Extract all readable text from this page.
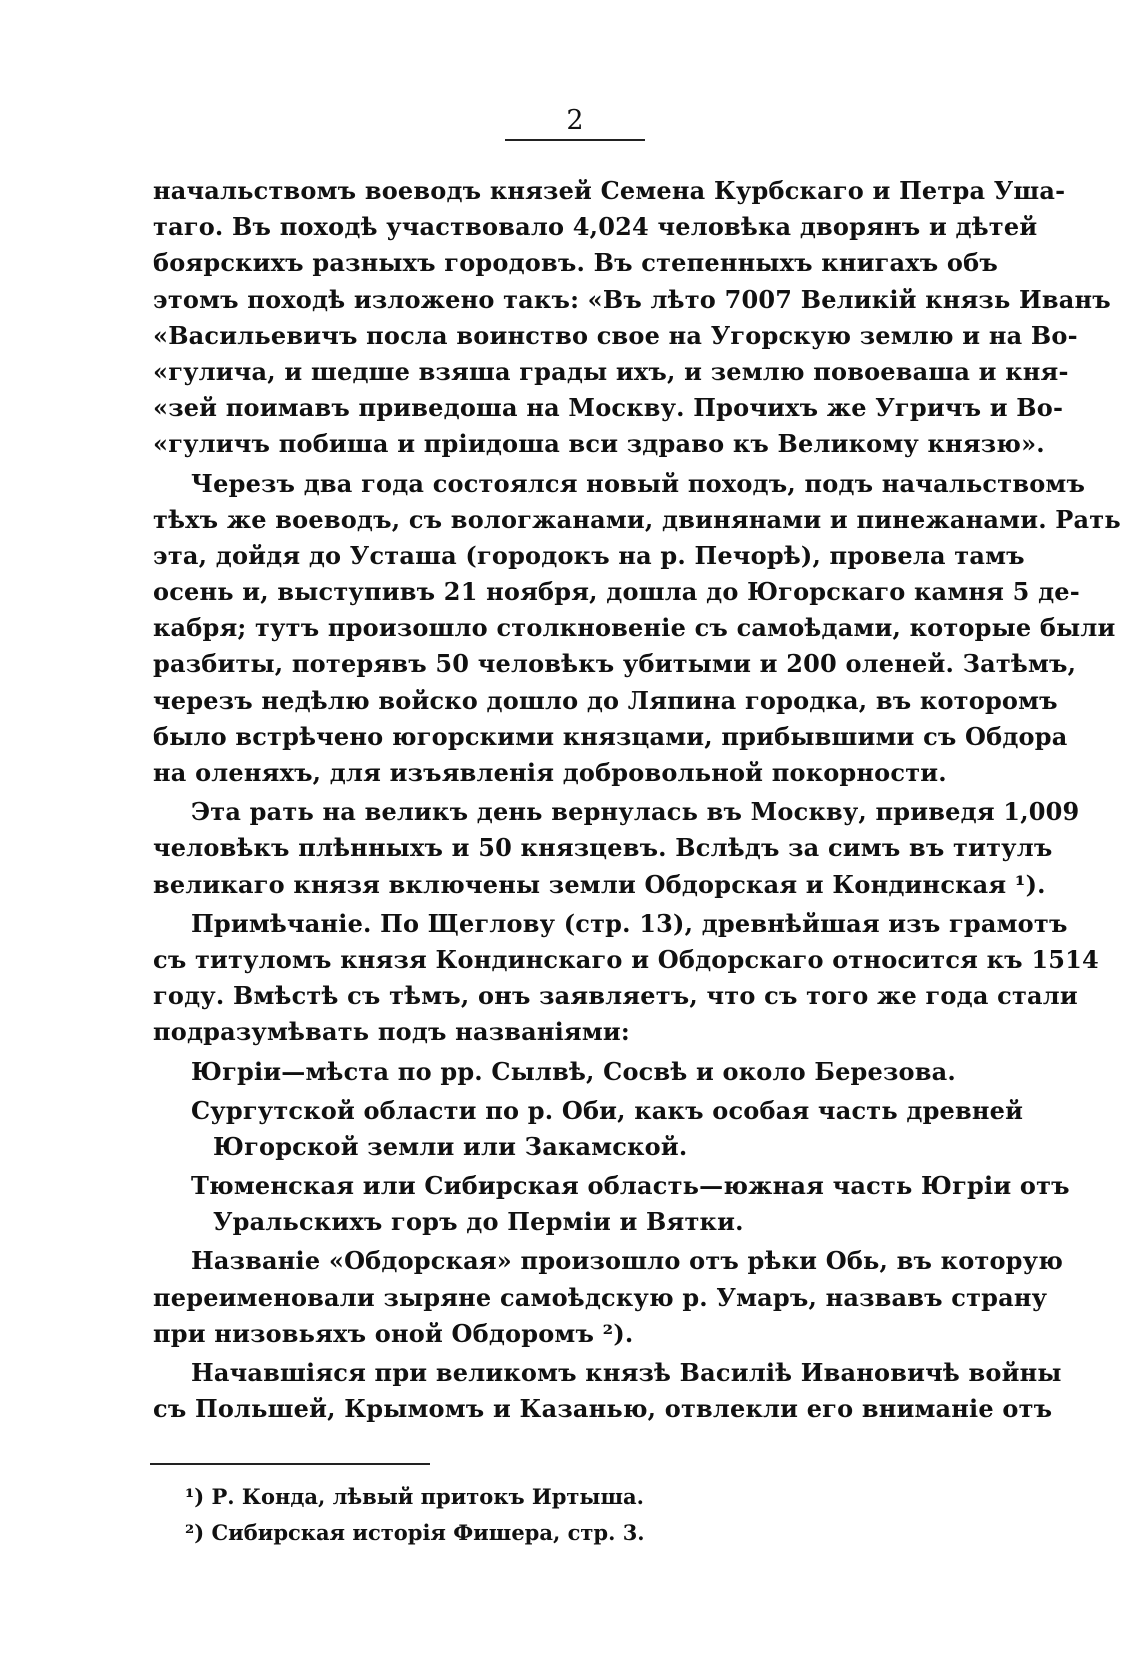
2
начальствомъ воеводъ князей Семена Курбскаго и Петра Уша-
таго. Въ походѣ участвовало 4,024 человѣка дворянъ и дѣтей
боярскихъ разныхъ городовъ. Въ степенныхъ книгахъ объ
этомъ походѣ изложено такъ: «Въ лѣто 7007 Великій князь Иванъ
«Васильевичъ посла воинство свое на Угорскую землю и на Во-
«гулича, и шедше взяша грады ихъ, и землю повоеваша и кня-
«зей поимавъ приведоша на Москву. Прочихъ же Угричъ и Во-
«гуличъ побиша и пріидоша вси здраво къ Великому князю».
Черезъ два года состоялся новый походъ, подъ начальствомъ
тѣхъ же воеводъ, съ вологжанами, двинянами и пинежанами. Рать
эта, дойдя до Усташа (городокъ на р. Печорѣ), провела тамъ
осень и, выступивъ 21 ноября, дошла до Югорскаго камня 5 де-
кабря; тутъ произошло столкновеніе съ самоѣдами, которые были
разбиты, потерявъ 50 человѣкъ убитыми и 200 оленей. Затѣмъ,
черезъ недѣлю войско дошло до Ляпина городка, въ которомъ
было встрѣчено югорскими князцами, прибывшими съ Обдора
на оленяхъ, для изъявленія добровольной покорности.
Эта рать на великъ день вернулась въ Москву, приведя 1,009
человѣкъ плѣнныхъ и 50 князцевъ. Вслѣдъ за симъ въ титулъ
великаго князя включены земли Обдорская и Кондинская ¹).
Примѣчаніе. По Щеглову (стр. 13), древнѣйшая изъ грамотъ
съ титуломъ князя Кондинскаго и Обдорскаго относится къ 1514
году. Вмѣстѣ съ тѣмъ, онъ заявляетъ, что съ того же года стали
подразумѣвать подъ названіями:
Югріи—мѣста по рр. Сылвѣ, Сосвѣ и около Березова.
Сургутской области по р. Оби, какъ особая часть древней
Югорской земли или Закамской.
Тюменская или Сибирская область—южная часть Югріи отъ
Уральскихъ горъ до Перміи и Вятки.
Названіе «Обдорская» произошло отъ рѣки Обь, въ которую
переименовали зыряне самоѣдскую р. Умаръ, назвавъ страну
при низовьяхъ оной Обдоромъ ²).
Начавшіяся при великомъ князѣ Василіѣ Ивановичѣ войны
съ Польшей, Крымомъ и Казанью, отвлекли его вниманіе отъ
¹) Р. Конда, лѣвый притокъ Иртыша.
²) Сибирская исторія Фишера, стр. 3.
